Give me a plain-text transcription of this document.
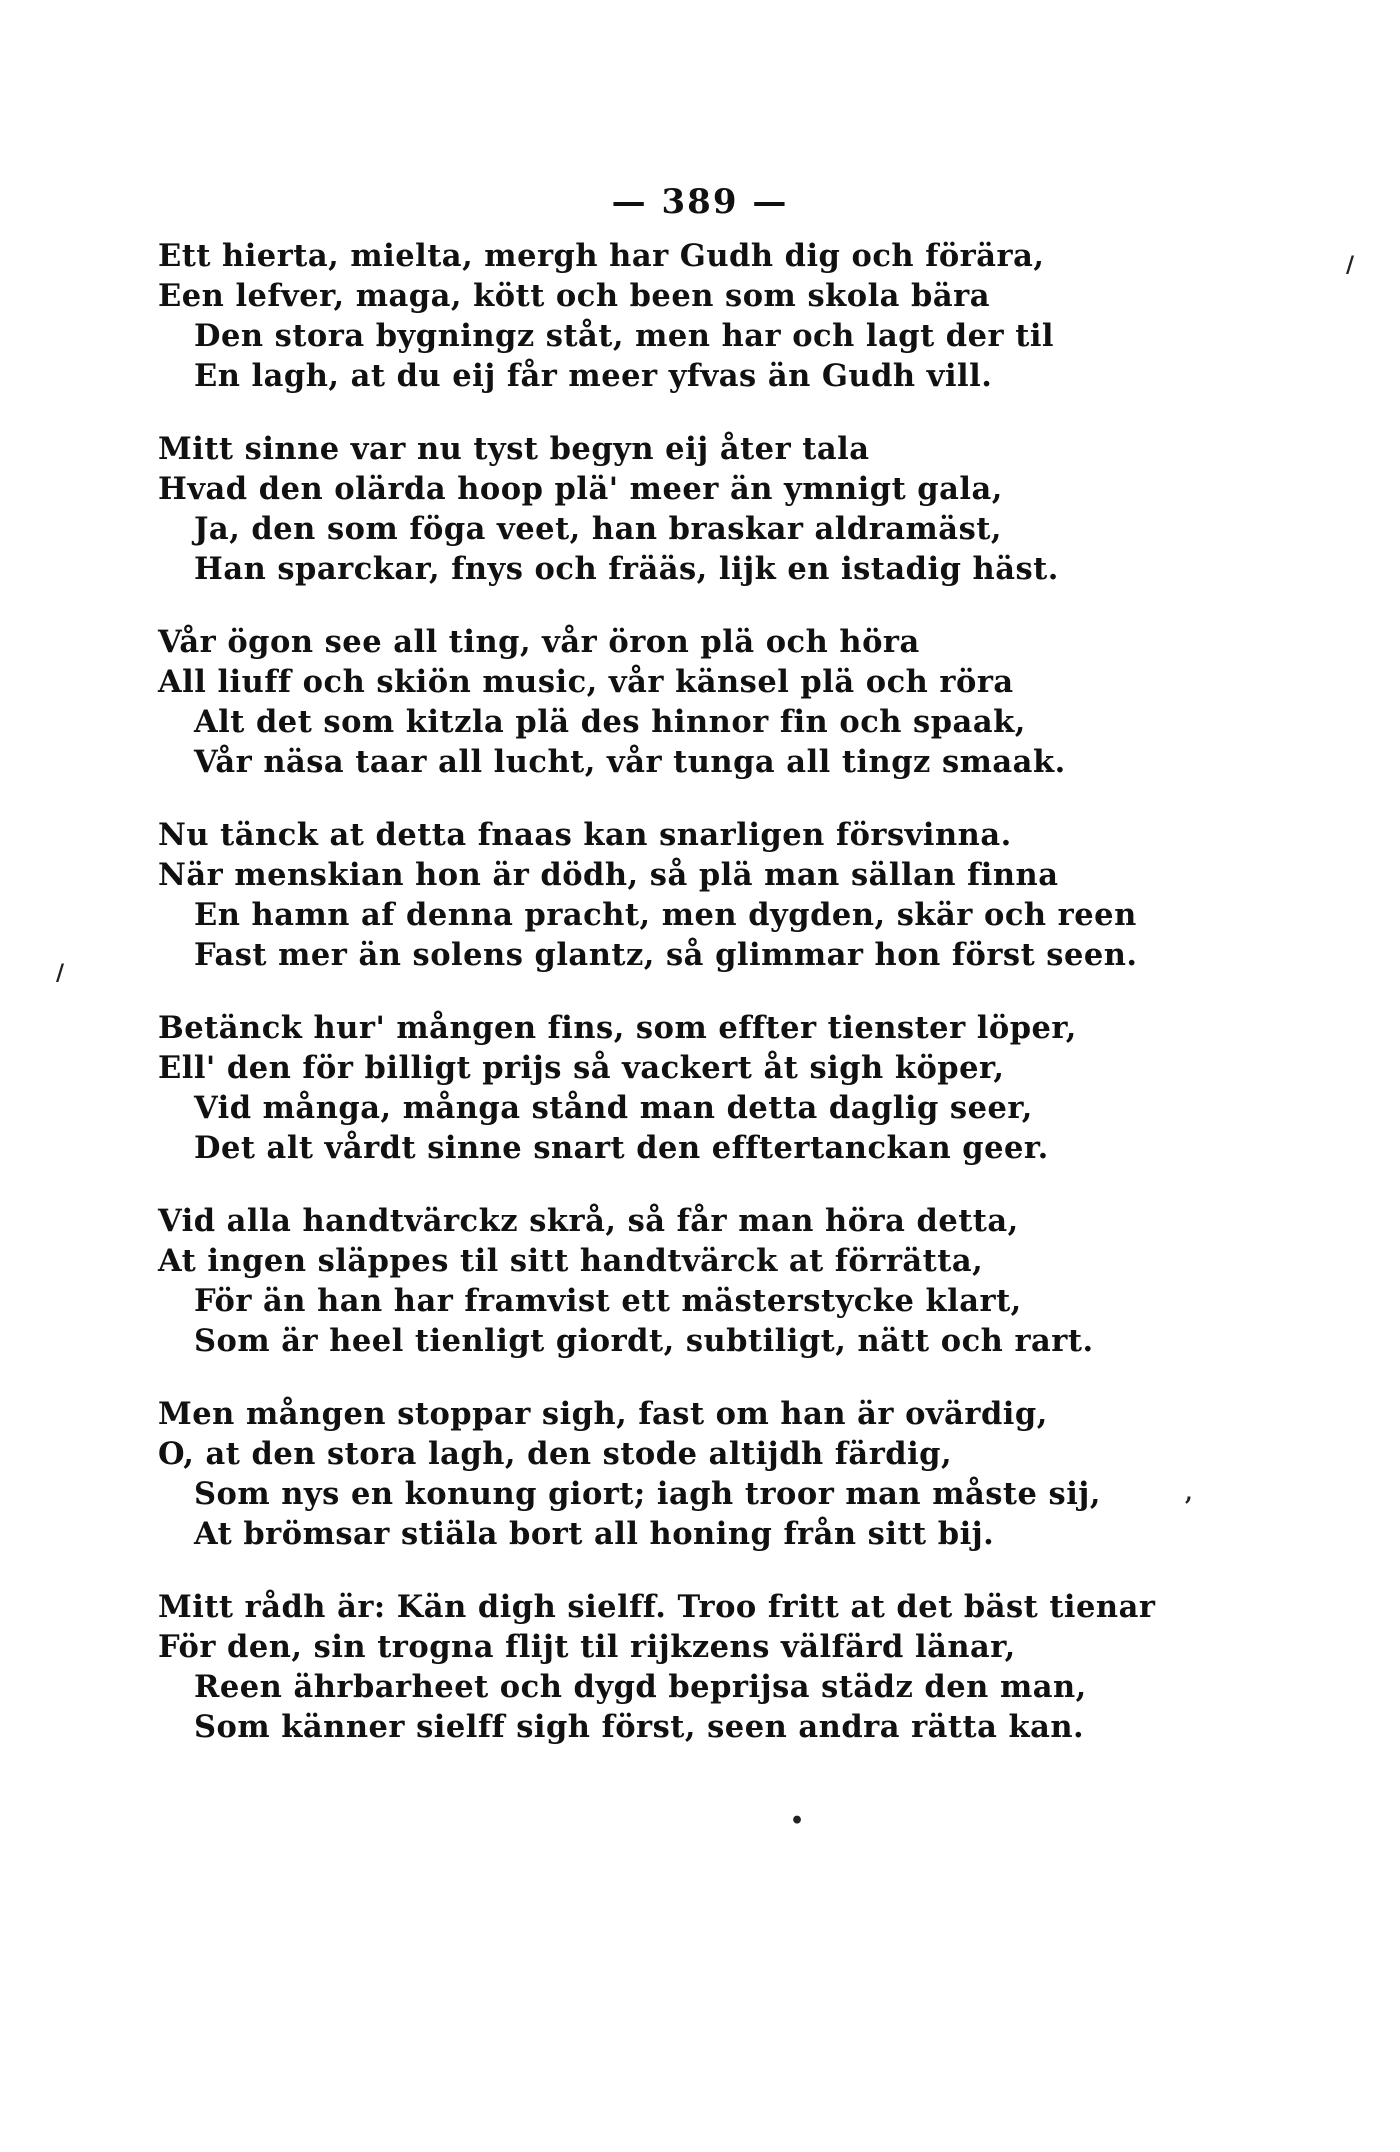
— 389 —
Ett hierta, mielta, mergh har Gudh dig och förära,
Een lefver, maga, kött och been som skola bära
Den stora bygningz ståt, men har och lagt der til
En lagh, at du eij får meer yfvas än Gudh vill.
Mitt sinne var nu tyst begyn eij åter tala
Hvad den olärda hoop plä' meer än ymnigt gala,
Ja, den som föga veet, han braskar aldramäst,
Han sparckar, fnys och frääs, lijk en istadig häst.
Vår ögon see all ting, vår öron plä och höra
All liuff och skiön music, vår känsel plä och röra
Alt det som kitzla plä des hinnor fin och spaak,
Vår näsa taar all lucht, vår tunga all tingz smaak.
Nu tänck at detta fnaas kan snarligen försvinna.
När menskian hon är dödh, så plä man sällan finna
En hamn af denna pracht, men dygden, skär och reen
Fast mer än solens glantz, så glimmar hon först seen.
Betänck hur' mången fins, som effter tienster löper,
Ell' den för billigt prijs så vackert åt sigh köper,
Vid många, många stånd man detta daglig seer,
Det alt vårdt sinne snart den efftertanckan geer.
Vid alla handtvärckz skrå, så får man höra detta,
At ingen släppes til sitt handtvärck at förrätta,
För än han har framvist ett mästerstycke klart,
Som är heel tienligt giordt, subtiligt, nätt och rart.
Men mången stoppar sigh, fast om han är ovärdig,
O, at den stora lagh, den stode altijdh färdig,
Som nys en konung giort; iagh troor man måste sij,
At brömsar stiäla bort all honing från sitt bij.
Mitt rådh är: Kän digh sielff. Troo fritt at det bäst tienar
För den, sin trogna flijt til rijkzens välfärd länar,
Reen ährbarheet och dygd beprijsa städz den man,
Som känner sielff sigh först, seen andra rätta kan.
/
/
,
•
